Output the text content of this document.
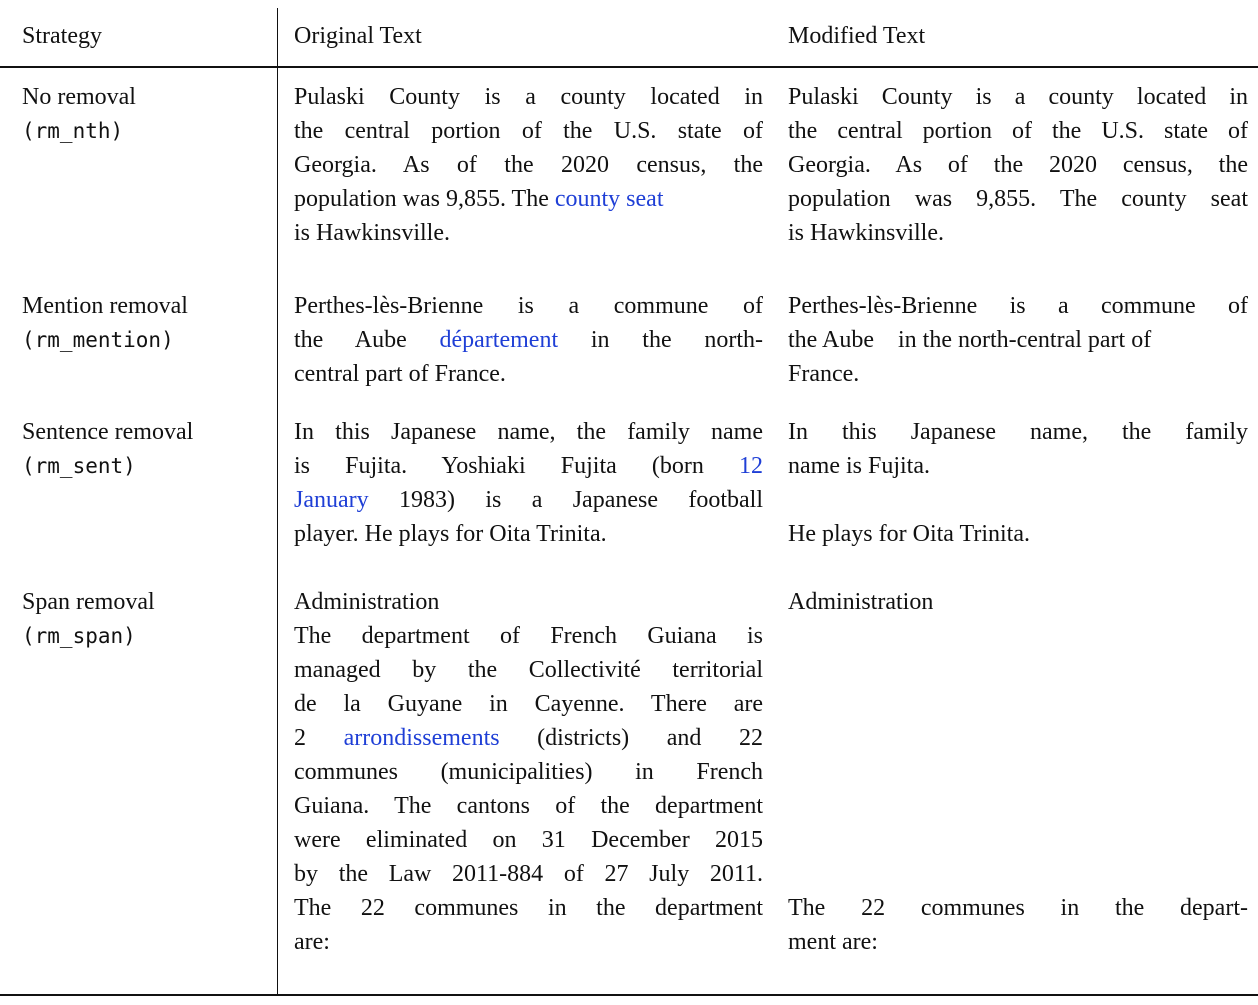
Strategy	Original Text	Modified Text
No removal
(rm_nth)
Pulaski County is a county located in
the central portion of the U.S. state of
Georgia. As of the 2020 census, the
population was 9,855. The county seat
is Hawkinsville.
Pulaski County is a county located in
the central portion of the U.S. state of
Georgia. As of the 2020 census, the
population was 9,855. The county seat
is Hawkinsville.
Mention removal
(rm_mention)
Perthes-lès-Brienne is a commune of
the Aube département in the north-
central part of France.
Perthes-lès-Brienne is a commune of
the Aube    in the north-central part of
France.
Sentence removal
(rm_sent)
In this Japanese name, the family name
is Fujita. Yoshiaki Fujita (born 12
January 1983) is a Japanese football
player. He plays for Oita Trinita.
In this Japanese name, the family
name is Fujita.
He plays for Oita Trinita.
Span removal
(rm_span)
Administration
The department of French Guiana is
managed by the Collectivité territorial
de la Guyane in Cayenne. There are
2 arrondissements (districts) and 22
communes (municipalities) in French
Guiana. The cantons of the department
were eliminated on 31 December 2015
by the Law 2011-884 of 27 July 2011.
The 22 communes in the department
are:
Administration
The 22 communes in the depart-
ment are:
